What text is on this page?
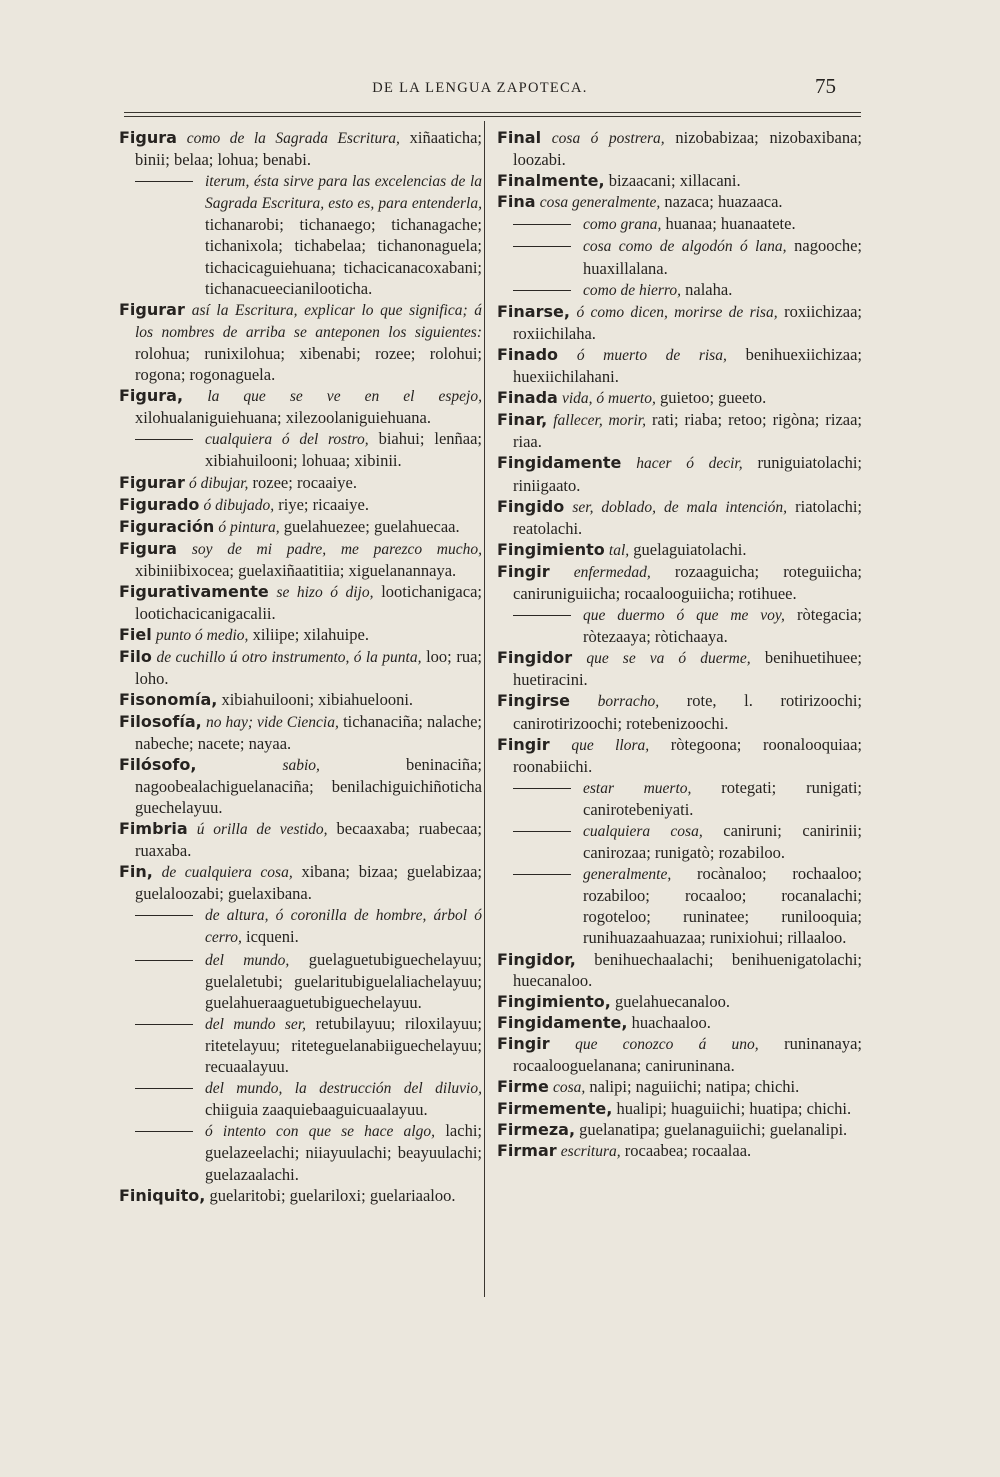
DE LA LENGUA ZAPOTECA.	75

Figura como de la Sagrada Escritura, xiñaaticha; binii; belaa; lohua; benabi.

iterum, ésta sirve para las excelencias de la Sagrada Escritura, esto es, para entenderla, tichanarobi; tichanaego; tichanagache; tichanixola; tichabelaa; tichanonaguela; tichacicaguiehuana; tichacicanacoxabani; tichanacueecianilooticha.

Figurar así la Escritura, explicar lo que significa; á los nombres de arriba se anteponen los siguientes: rolohua; runixilohua; xibenabi; rozee; rolohui; rogona; rogonaguela.

Figura, la que se ve en el espejo, xilohualaniguiehuana; xilezoolaniguiehuana.

cualquiera ó del rostro, biahui; lenñaa; xibiahuilooni; lohuaa; xibinii.

Figurar ó dibujar, rozee; rocaaiye.

Figurado ó dibujado, riye; ricaaiye.

Figuración ó pintura, guelahuezee; guelahuecaa.

Figura soy de mi padre, me parezco mucho, xibiniibixocea; guelaxiñaatitiia; xiguelanannaya.

Figurativamente se hizo ó dijo, lootichanigaca; lootichacicanigacalii.

Fiel punto ó medio, xiliipe; xilahuipe.

Filo de cuchillo ú otro instrumento, ó la punta, loo; rua; loho.

Fisonomía, xibiahuilooni; xibiahuelooni.

Filosofía, no hay; vide Ciencia, tichanaciña; nalache; nabeche; nacete; nayaa.

Filósofo,	sabio, beninaciña; nagoobealachiguelanaciña; benilachiguichiñoticha guechelayuu.

Fimbria ú orilla de vestido, becaaxaba; ruabecaa; ruaxaba.

Fin, de cualquiera cosa, xibana; bizaa; guelabizaa; guelaloozabi; guelaxibana.

de altura, ó coronilla de hombre, árbol ó cerro, icqueni.

del mundo, guelaguetubiguechelayuu; guelaletubi; guelaritubiguelaliachelayuu; guelahueraaguetubiguechelayuu.

del mundo ser, retubilayuu; riloxilayuu; ritetelayuu; riteteguelanabiiguechelayuu; recuaalayuu.

del mundo, la destrucción del diluvio, chiiguia zaaquiebaaguicuaalayuu.

ó intento con que se hace algo, lachi; guelazeelachi; niiayuulachi; beayuulachi; guelazaalachi.

Finiquito, guelaritobi; guelariloxi; guelariaaloo.

Final cosa ó postrera, nizobabizaa; nizobaxibana; loozabi.

Finalmente, bizaacani; xillacani.

Fina cosa generalmente, nazaca; huazaaca.

como grana, huanaa; huanaatete.

cosa como de algodón ó lana, nagooche; huaxillalana.

como de hierro, nalaha.

Finarse, ó como dicen, morirse de risa, roxiichizaa; roxiichilaha.

Finado ó muerto de risa, benihuexiichizaa; huexiichilahani.

Finada vida, ó muerto, guietoo; gueeto.

Finar, fallecer, morir, rati; riaba; retoo; rigòna; rizaa; riaa.

Fingidamente hacer ó decir, runiguiatolachi; riniigaato.

Fingido ser, doblado, de mala intención, riatolachi; reatolachi.

Fingimiento tal, guelaguiatolachi.

Fingir enfermedad, rozaaguicha; roteguiicha; caniruniguiicha; rocaalooguiicha; rotihuee.

que duermo ó que me voy, ròtegacia; ròtezaaya; ròtichaaya.

Fingidor que se va ó duerme, benihuetihuee; huetiracini.

Fingirse borracho, rote, l. rotirizoochi; canirotirizoochi; rotebenizoochi.

Fingir que llora, ròtegoona; roonalooquiaa; roonabiichi.

estar muerto, rotegati; runigati; canirotebeniyati.

cualquiera cosa, caniruni; canirinii; canirozaa; runigatò; rozabiloo.

generalmente, rocànaloo; rochaaloo; rozabiloo; rocaaloo; rocanalachi; rogoteloo; runinatee; runilooquia; runihuazaahuazaa; runixiohui; rillaaloo.

Fingidor, benihuechaalachi; benihuenigatolachi; huecanaloo.

Fingimiento, guelahuecanaloo.

Fingidamente, huachaaloo.

Fingir que conozco á uno, runinanaya; rocaalooguelanana; caniruninana.

Firme cosa, nalipi; naguiichi; natipa; chichi.

Firmemente, hualipi; huaguiichi; huatipa; chichi.

Firmeza, guelanatipa; guelanaguiichi; guelanalipi.

Firmar escritura, rocaabea; rocaalaa.
